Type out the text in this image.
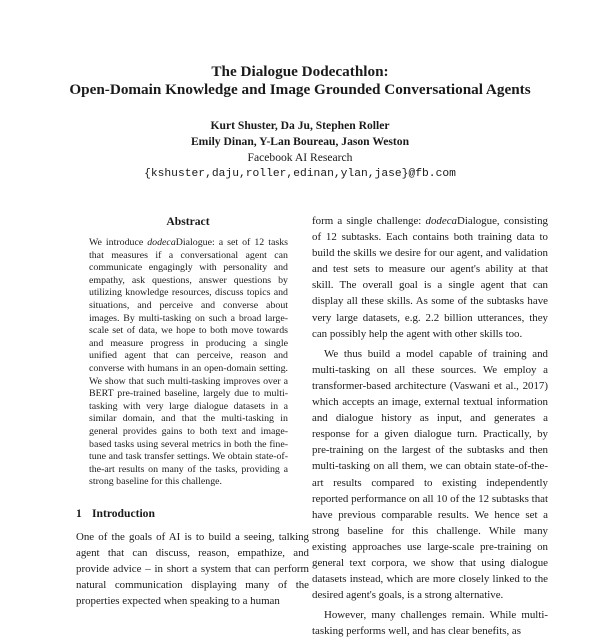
The Dialogue Dodecathlon:
Open-Domain Knowledge and Image Grounded Conversational Agents
Kurt Shuster, Da Ju, Stephen Roller
Emily Dinan, Y-Lan Boureau, Jason Weston
Facebook AI Research
{kshuster,daju,roller,edinan,ylan,jase}@fb.com
Abstract
We introduce dodecaDialogue: a set of 12 tasks that measures if a conversational agent can communicate engagingly with personality and empathy, ask questions, answer questions by utilizing knowledge resources, discuss topics and situations, and perceive and converse about images. By multi-tasking on such a broad large-scale set of data, we hope to both move towards and measure progress in producing a single unified agent that can perceive, reason and converse with humans in an open-domain setting. We show that such multi-tasking improves over a BERT pre-trained baseline, largely due to multi-tasking with very large dialogue datasets in a similar domain, and that the multi-tasking in general provides gains to both text and image-based tasks using several metrics in both the fine-tune and task transfer settings. We obtain state-of-the-art results on many of the tasks, providing a strong baseline for this challenge.
1 Introduction

One of the goals of AI is to build a seeing, talking agent that can discuss, reason, empathize, and provide advice – in short a system that can perform natural communication displaying many of the properties expected when speaking to a human

form a single challenge: dodecaDialogue, consisting of 12 subtasks. Each contains both training data to build the skills we desire for our agent, and validation and test sets to measure our agent's ability at that skill. The overall goal is a single agent that can display all these skills. As some of the subtasks have very large datasets, e.g. 2.2 billion utterances, they can possibly help the agent with other skills too.

We thus build a model capable of training and multi-tasking on all these sources. We employ a transformer-based architecture (Vaswani et al., 2017) which accepts an image, external textual information and dialogue history as input, and generates a response for a given dialogue turn. Practically, by pre-training on the largest of the subtasks and then multi-tasking on all them, we can obtain state-of-the-art results compared to existing independently reported performance on all 10 of the 12 subtasks that have previous comparable results. We hence set a strong baseline for this challenge. While many existing approaches use large-scale pre-training on general text corpora, we show that using dialogue datasets instead, which are more closely linked to the desired agent's goals, is a strong alternative.

However, many challenges remain. While multi-tasking performs well, and has clear benefits, as
